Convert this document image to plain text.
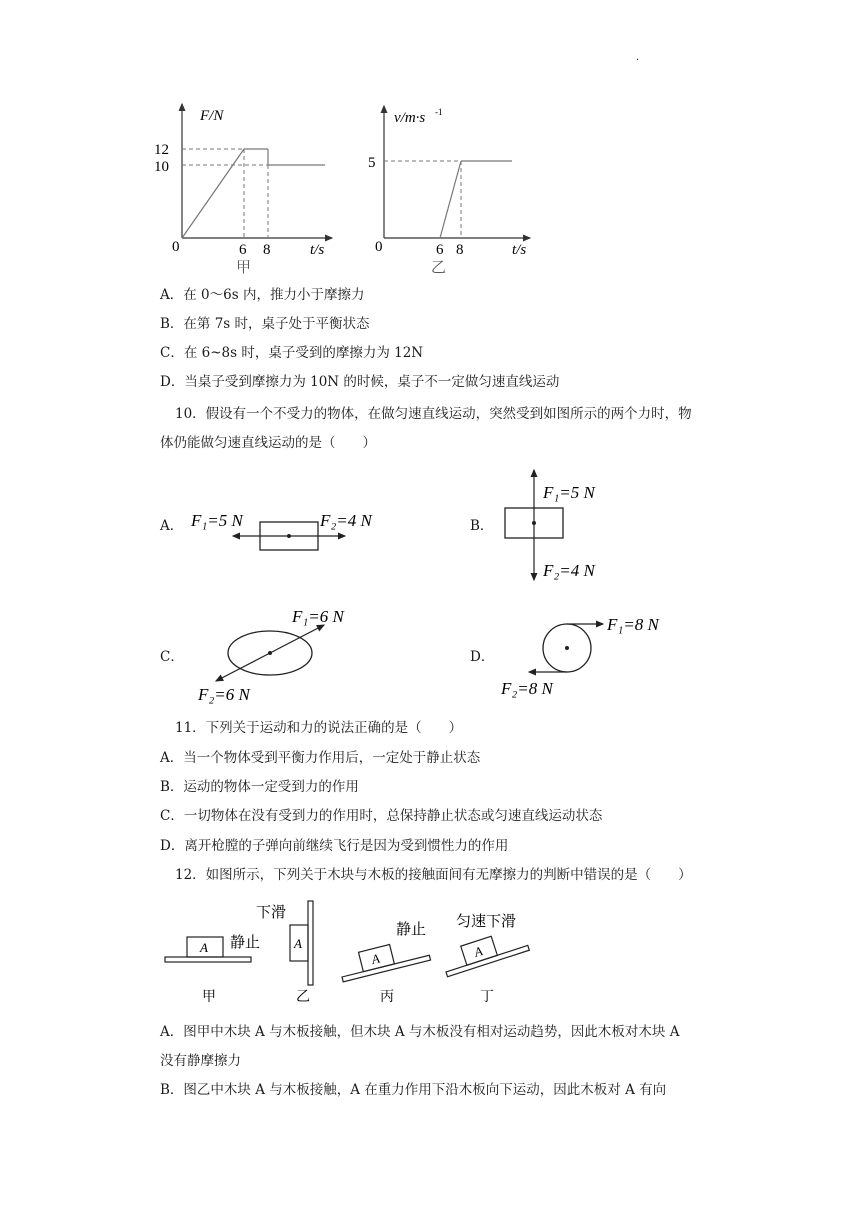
.
F/N
t/s
12
10
0	6 8
甲
v/m·s -1
t/s
5
0	6 8
乙
A．在 0～6s 内，推力小于摩擦力
B．在第 7s 时，桌子处于平衡状态
C．在 6~8s 时，桌子受到的摩擦力为 12N
D．当桌子受到摩擦力为 10N 的时候，桌子不一定做匀速直线运动
10．假设有一个不受力的物体，在做匀速直线运动，突然受到如图所示的两个力时，物
体仍能做匀速直线运动的是（　　）
A． F₁=5 N	F₂=4 N	B．
F₁=5 N
F₂=4 N
C．
F₁=6 N
F₂=6 N
D．
F₁=8 N
F₂=8 N
11．下列关于运动和力的说法正确的是（　　）
A．当一个物体受到平衡力作用后，一定处于静止状态
B．运动的物体一定受到力的作用
C．一切物体在没有受到力的作用时，总保持静止状态或匀速直线运动状态
D．离开枪膛的子弹向前继续飞行是因为受到惯性力的作用
12．如图所示，下列关于木块与木板的接触面间有无摩擦力的判断中错误的是（　　）
A 静止
甲
A
下滑
乙
A
静止
丙
A
匀速下滑
丁
A．图甲中木块 A 与木板接触，但木块 A 与木板没有相对运动趋势，因此木板对木块 A
没有静摩擦力
B．图乙中木块 A 与木板接触，A 在重力作用下沿木板向下运动，因此木板对 A 有向
